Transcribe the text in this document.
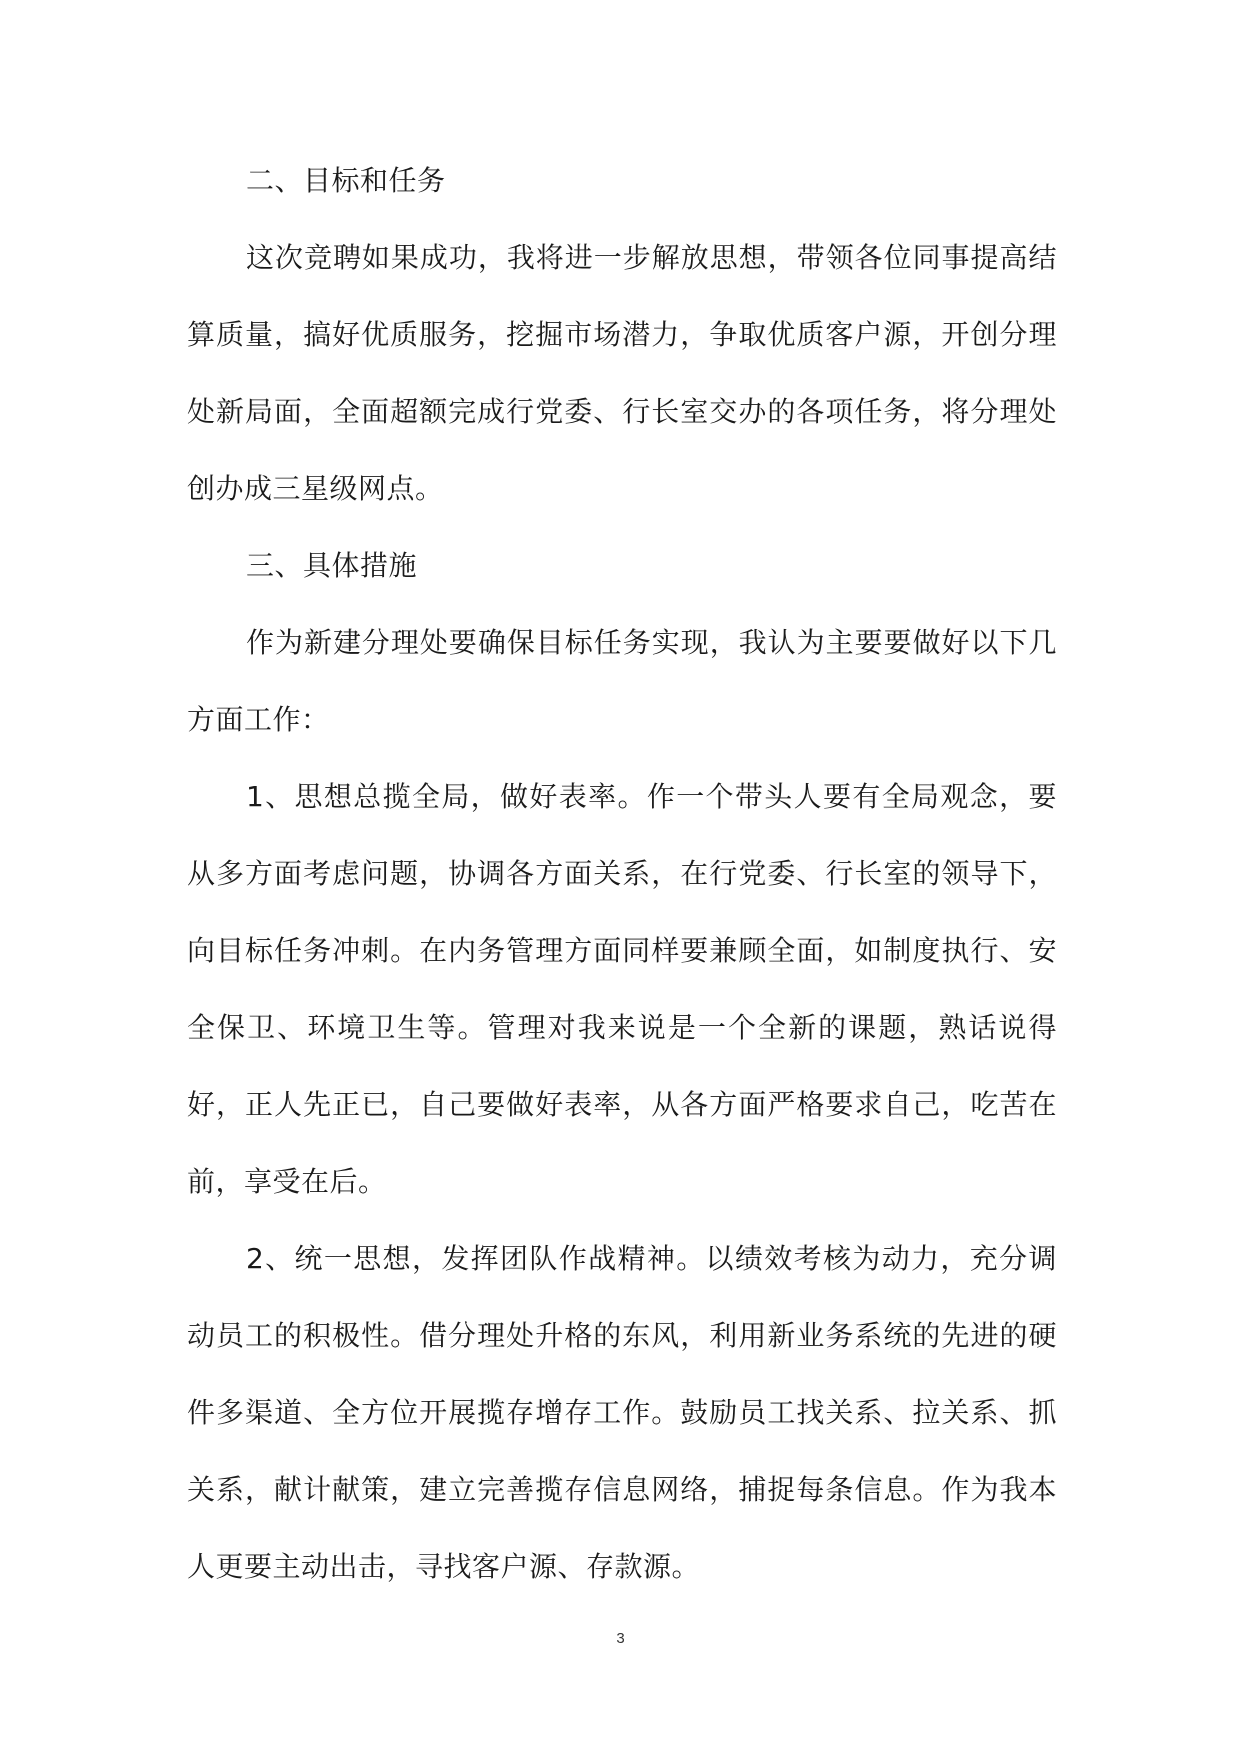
二、目标和任务

这次竞聘如果成功，我将进一步解放思想，带领各位同事提高结算质量，搞好优质服务，挖掘市场潜力，争取优质客户源，开创分理处新局面，全面超额完成行党委、行长室交办的各项任务，将分理处创办成三星级网点。

三、具体措施

作为新建分理处要确保目标任务实现，我认为主要要做好以下几方面工作：

1、思想总揽全局，做好表率。作一个带头人要有全局观念，要从多方面考虑问题，协调各方面关系，在行党委、行长室的领导下，向目标任务冲刺。在内务管理方面同样要兼顾全面，如制度执行、安全保卫、环境卫生等。管理对我来说是一个全新的课题，熟话说得好，正人先正已，自己要做好表率，从各方面严格要求自己，吃苦在前，享受在后。

2、统一思想，发挥团队作战精神。以绩效考核为动力，充分调动员工的积极性。借分理处升格的东风，利用新业务系统的先进的硬件多渠道、全方位开展揽存增存工作。鼓励员工找关系、拉关系、抓关系，献计献策，建立完善揽存信息网络，捕捉每条信息。作为我本人更要主动出击，寻找客户源、存款源。

3
